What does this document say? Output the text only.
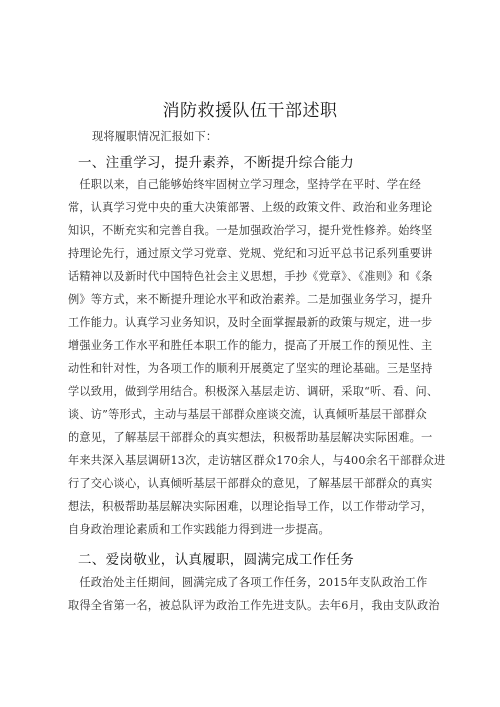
消防救援队伍干部述职
现将履职情况汇报如下：
一、注重学习，提升素养，不断提升综合能力
　任职以来，自己能够始终牢固树立学习理念，坚持学在平时、学在经
常，认真学习党中央的重大决策部署、上级的政策文件、政治和业务理论
知识，不断充实和完善自我。一是加强政治学习，提升党性修养。始终坚
持理论先行，通过原文学习党章、党规、党纪和习近平总书记系列重要讲
话精神以及新时代中国特色社会主义思想，手抄《党章》、《准则》和《条
例》等方式，来不断提升理论水平和政治素养。二是加强业务学习，提升
工作能力。认真学习业务知识，及时全面掌握最新的政策与规定，进一步
增强业务工作水平和胜任本职工作的能力，提高了开展工作的预见性、主
动性和针对性，为各项工作的顺利开展奠定了坚实的理论基础。三是坚持
学以致用，做到学用结合。积极深入基层走访、调研，采取“听、看、问、
谈、访”等形式，主动与基层干部群众座谈交流，认真倾听基层干部群众
的意见，了解基层干部群众的真实想法，积极帮助基层解决实际困难。一
年来共深入基层调研13次，走访辖区群众170余人，与400余名干部群众进
行了交心谈心，认真倾听基层干部群众的意见，了解基层干部群众的真实
想法，积极帮助基层解决实际困难，以理论指导工作，以工作带动学习，
自身政治理论素质和工作实践能力得到进一步提高。
二、爱岗敬业，认真履职，圆满完成工作任务
　任政治处主任期间，圆满完成了各项工作任务，2015年支队政治工作
取得全省第一名，被总队评为政治工作先进支队。去年6月，我由支队政治
